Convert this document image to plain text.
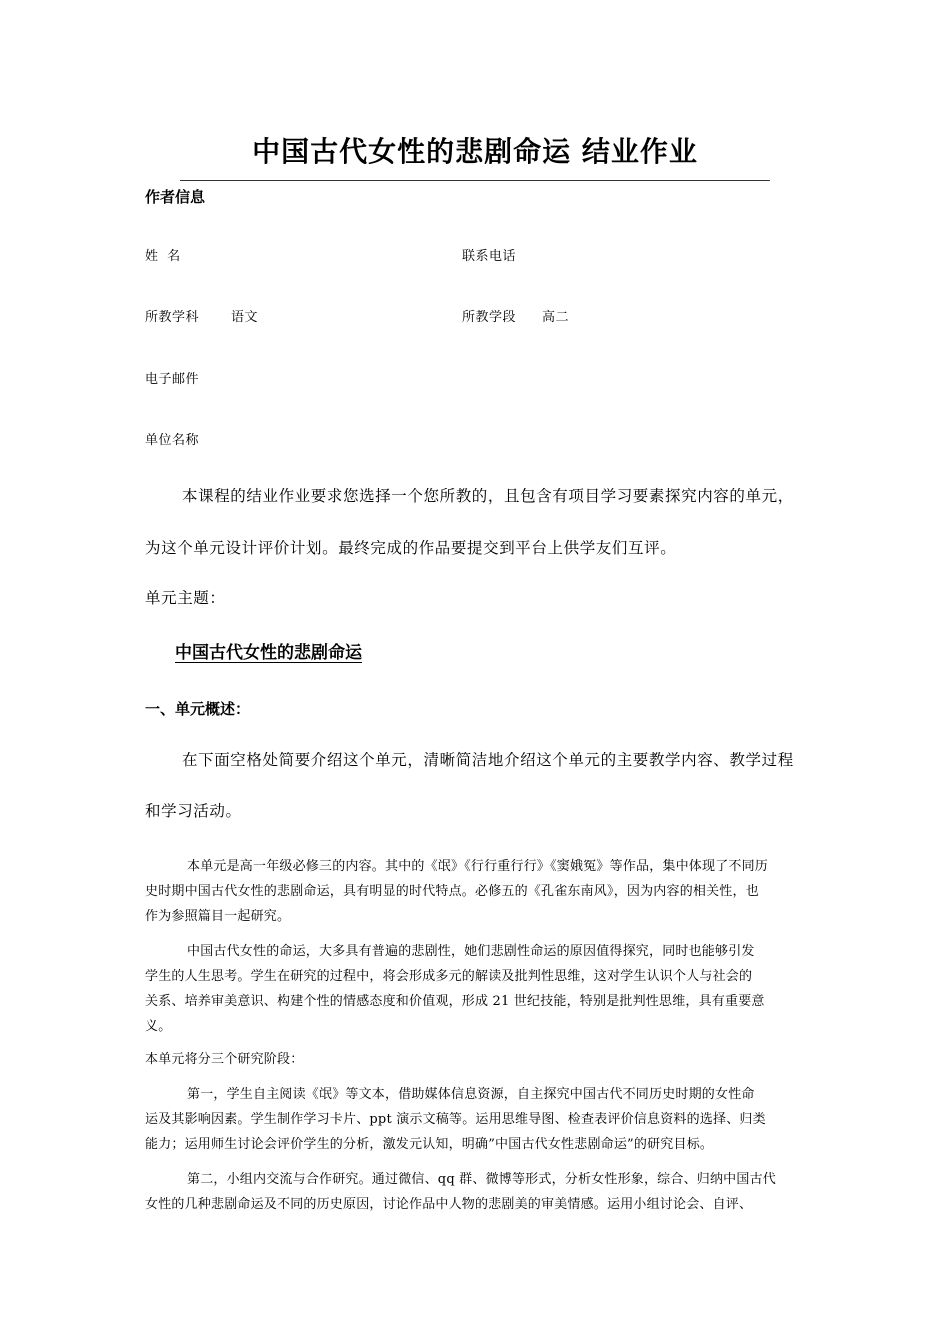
中国古代女性的悲剧命运 结业作业
作者信息
姓 名	联系电话
所教学科 语文	所教学段 高二
电子邮件
单位名称
本课程的结业作业要求您选择一个您所教的，且包含有项目学习要素探究内容的单元，
为这个单元设计评价计划。最终完成的作品要提交到平台上供学友们互评。
单元主题：
中国古代女性的悲剧命运
一、单元概述：
在下面空格处简要介绍这个单元，清晰简洁地介绍这个单元的主要教学内容、教学过程
和学习活动。
本单元是高一年级必修三的内容。其中的《氓》《行行重行行》《窦娥冤》等作品，集中体现了不同历
史时期中国古代女性的悲剧命运，具有明显的时代特点。必修五的《孔雀东南风》，因为内容的相关性，也
作为参照篇目一起研究。
中国古代女性的命运，大多具有普遍的悲剧性，她们悲剧性命运的原因值得探究，同时也能够引发
学生的人生思考。学生在研究的过程中，将会形成多元的解读及批判性思维，这对学生认识个人与社会的
关系、培养审美意识、构建个性的情感态度和价值观，形成 21 世纪技能，特别是批判性思维，具有重要意
义。
本单元将分三个研究阶段：
第一，学生自主阅读《氓》等文本，借助媒体信息资源，自主探究中国古代不同历史时期的女性命
运及其影响因素。学生制作学习卡片、ppt 演示文稿等。运用思维导图、检查表评价信息资料的选择、归类
能力；运用师生讨论会评价学生的分析，激发元认知，明确”中国古代女性悲剧命运”的研究目标。
第二，小组内交流与合作研究。通过微信、qq 群、微博等形式，分析女性形象，综合、归纳中国古代
女性的几种悲剧命运及不同的历史原因，讨论作品中人物的悲剧美的审美情感。运用小组讨论会、自评、
